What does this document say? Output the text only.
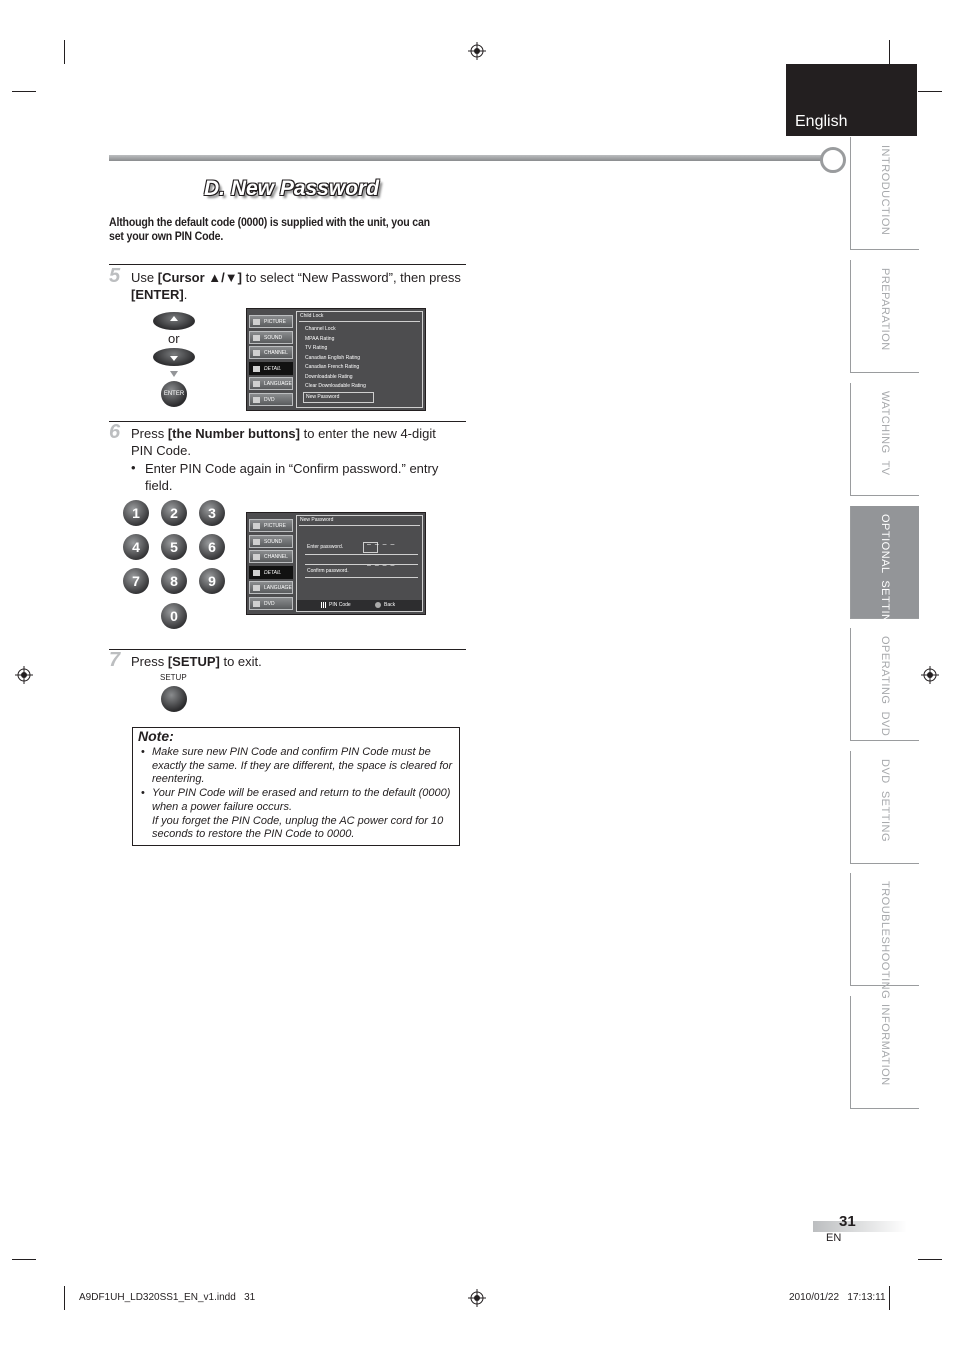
English
D. New Password
Although the default code (0000) is supplied with the unit, you can set your own PIN Code.
5 Use [Cursor ▲/▼] to select “New Password”, then press [ENTER].
or
ENTER
PICTURE
SOUND
CHANNEL
DETAIL
LANGUAGE
DVD
Child Lock
Channel Lock
MPAA Rating
TV Rating
Canadian English Rating
Canadian French Rating
Downloadable Rating
Clear Downloadable Rating
New Password
6 Press [the Number buttons] to enter the new 4-digit PIN Code.
• Enter PIN Code again in “Confirm password.” entry field.
1	2	3
4	5	6
7	8	9
0
PICTURE
SOUND
CHANNEL
DETAIL
LANGUAGE
DVD
New Password
Enter password.	– – – –
Confirm password.
– – – –
PIN Code	Back
7 Press [SETUP] to exit.
SETUP
Note:
• Make sure new PIN Code and confirm PIN Code must be exactly the same. If they are different, the space is cleared for reentering.
• Your PIN Code will be erased and return to the default (0000) when a power failure occurs.
If you forget the PIN Code, unplug the AC power cord for 10 seconds to restore the PIN Code to 0000.
INTRODUCTION
PREPARATION
WATCHING  TV
OPTIONAL  SETTING
OPERATING  DVD
DVD  SETTING
TROUBLESHOOTING
INFORMATION
31
EN
A9DF1UH_LD320SS1_EN_v1.indd   31	2010/01/22   17:13:11
